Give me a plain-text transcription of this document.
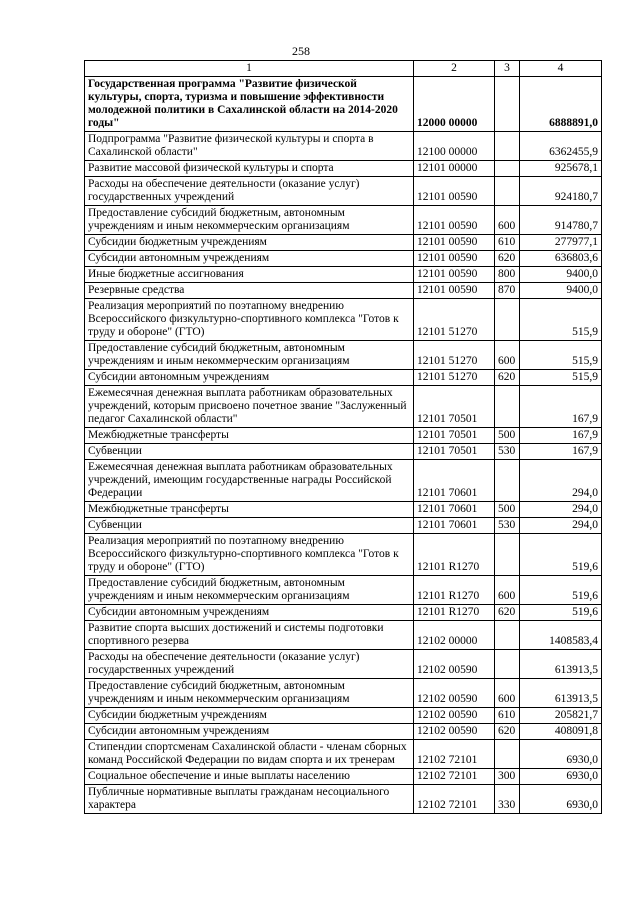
258
1	2	3	4
Государственная программа "Развитие физической культуры, спорта, туризма и повышение эффективности молодежной политики в Сахалинской области на 2014-2020 годы"	12000 00000		6888891,0
Подпрограмма "Развитие физической культуры и спорта в Сахалинской области"	12100 00000		6362455,9
Развитие массовой физической культуры и спорта	12101 00000		925678,1
Расходы на обеспечение деятельности (оказание услуг) государственных учреждений	12101 00590		924180,7
Предоставление субсидий бюджетным, автономным учреждениям и иным некоммерческим организациям	12101 00590	600	914780,7
Субсидии бюджетным учреждениям	12101 00590	610	277977,1
Субсидии автономным учреждениям	12101 00590	620	636803,6
Иные бюджетные ассигнования	12101 00590	800	9400,0
Резервные средства	12101 00590	870	9400,0
Реализация мероприятий по поэтапному внедрению Всероссийского физкультурно-спортивного комплекса "Готов к труду и обороне" (ГТО)	12101 51270		515,9
Предоставление субсидий бюджетным, автономным учреждениям и иным некоммерческим организациям	12101 51270	600	515,9
Субсидии автономным учреждениям	12101 51270	620	515,9
Ежемесячная денежная выплата работникам образовательных учреждений, которым присвоено почетное звание "Заслуженный педагог Сахалинской области"	12101 70501		167,9
Межбюджетные трансферты	12101 70501	500	167,9
Субвенции	12101 70501	530	167,9
Ежемесячная денежная выплата работникам образовательных учреждений, имеющим государственные награды Российской Федерации	12101 70601		294,0
Межбюджетные трансферты	12101 70601	500	294,0
Субвенции	12101 70601	530	294,0
Реализация мероприятий по поэтапному внедрению Всероссийского физкультурно-спортивного комплекса "Готов к труду и обороне" (ГТО)	12101 R1270		519,6
Предоставление субсидий бюджетным, автономным учреждениям и иным некоммерческим организациям	12101 R1270	600	519,6
Субсидии автономным учреждениям	12101 R1270	620	519,6
Развитие спорта высших достижений и системы подготовки спортивного резерва	12102 00000		1408583,4
Расходы на обеспечение деятельности (оказание услуг) государственных учреждений	12102 00590		613913,5
Предоставление субсидий бюджетным, автономным учреждениям и иным некоммерческим организациям	12102 00590	600	613913,5
Субсидии бюджетным учреждениям	12102 00590	610	205821,7
Субсидии автономным учреждениям	12102 00590	620	408091,8
Стипендии спортсменам Сахалинской области - членам сборных команд Российской Федерации по видам спорта и их тренерам	12102 72101		6930,0
Социальное обеспечение и иные выплаты населению	12102 72101	300	6930,0
Публичные нормативные выплаты гражданам несоциального характера	12102 72101	330	6930,0
